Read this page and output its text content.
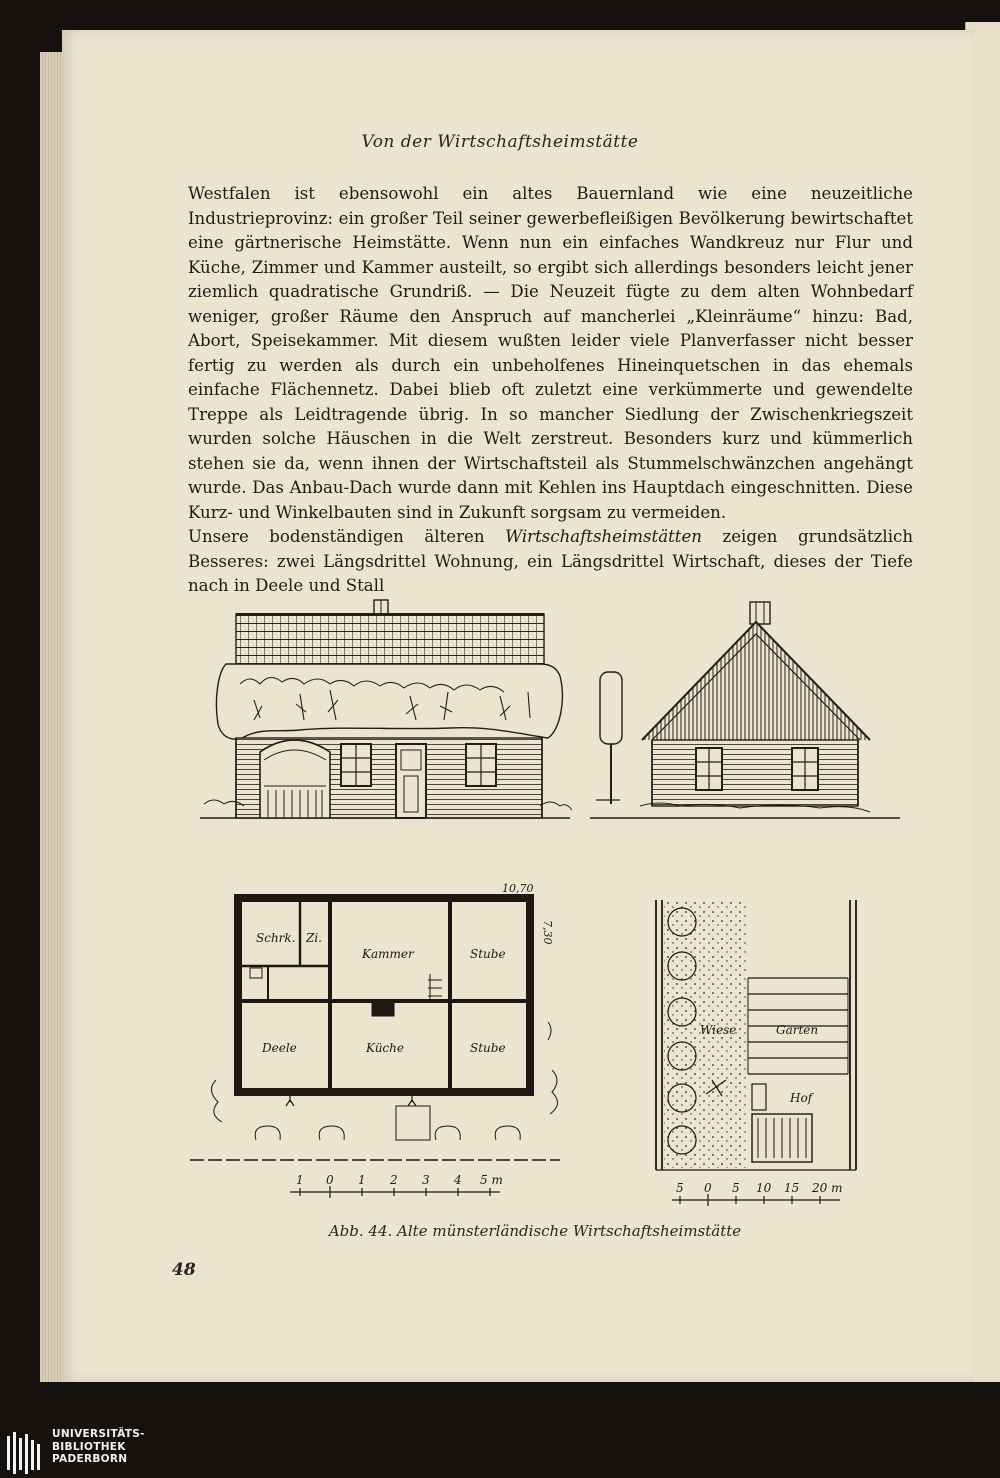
Von der Wirtschaftsheimstätte

Westfalen ist ebensowohl ein altes Bauernland wie eine neuzeitliche Industrieprovinz: ein großer Teil seiner gewerbefleißigen Bevölkerung bewirtschaftet eine gärtnerische Heimstätte. Wenn nun ein einfaches Wandkreuz nur Flur und Küche, Zimmer und Kammer austeilt, so ergibt sich allerdings besonders leicht jener ziemlich quadratische Grundriß. — Die Neuzeit fügte zu dem alten Wohnbedarf weniger, großer Räume den Anspruch auf mancherlei „Kleinräume“ hinzu: Bad, Abort, Speisekammer. Mit diesem wußten leider viele Planverfasser nicht besser fertig zu werden als durch ein unbeholfenes Hineinquetschen in das ehemals einfache Flächennetz. Dabei blieb oft zuletzt eine verkümmerte und gewendelte Treppe als Leidtragende übrig. In so mancher Siedlung der Zwischenkriegszeit wurden solche Häuschen in die Welt zerstreut. Besonders kurz und kümmerlich stehen sie da, wenn ihnen der Wirtschaftsteil als Stummelschwänzchen angehängt wurde. Das Anbau-Dach wurde dann mit Kehlen ins Hauptdach eingeschnitten. Diese Kurz- und Winkelbauten sind in Zukunft sorgsam zu vermeiden.

Unsere bodenständigen älteren Wirtschaftsheimstätten zeigen grundsätzlich Besseres: zwei Längsdrittel Wohnung, ein Längsdrittel Wirtschaft, dieses der Tiefe nach in Deele und Stall

Schrk. Zi.
Kammer	Stube
Deele	Küche	Stube
10,70
7,30
1 0 1 2 3 4 5 m
Wiese	Garten
Hof
5 0 5 10 15 20 m
Abb. 44. Alte münsterländische Wirtschaftsheimstätte
48
UNIVERSITÄTS-
BIBLIOTHEK
PADERBORN
